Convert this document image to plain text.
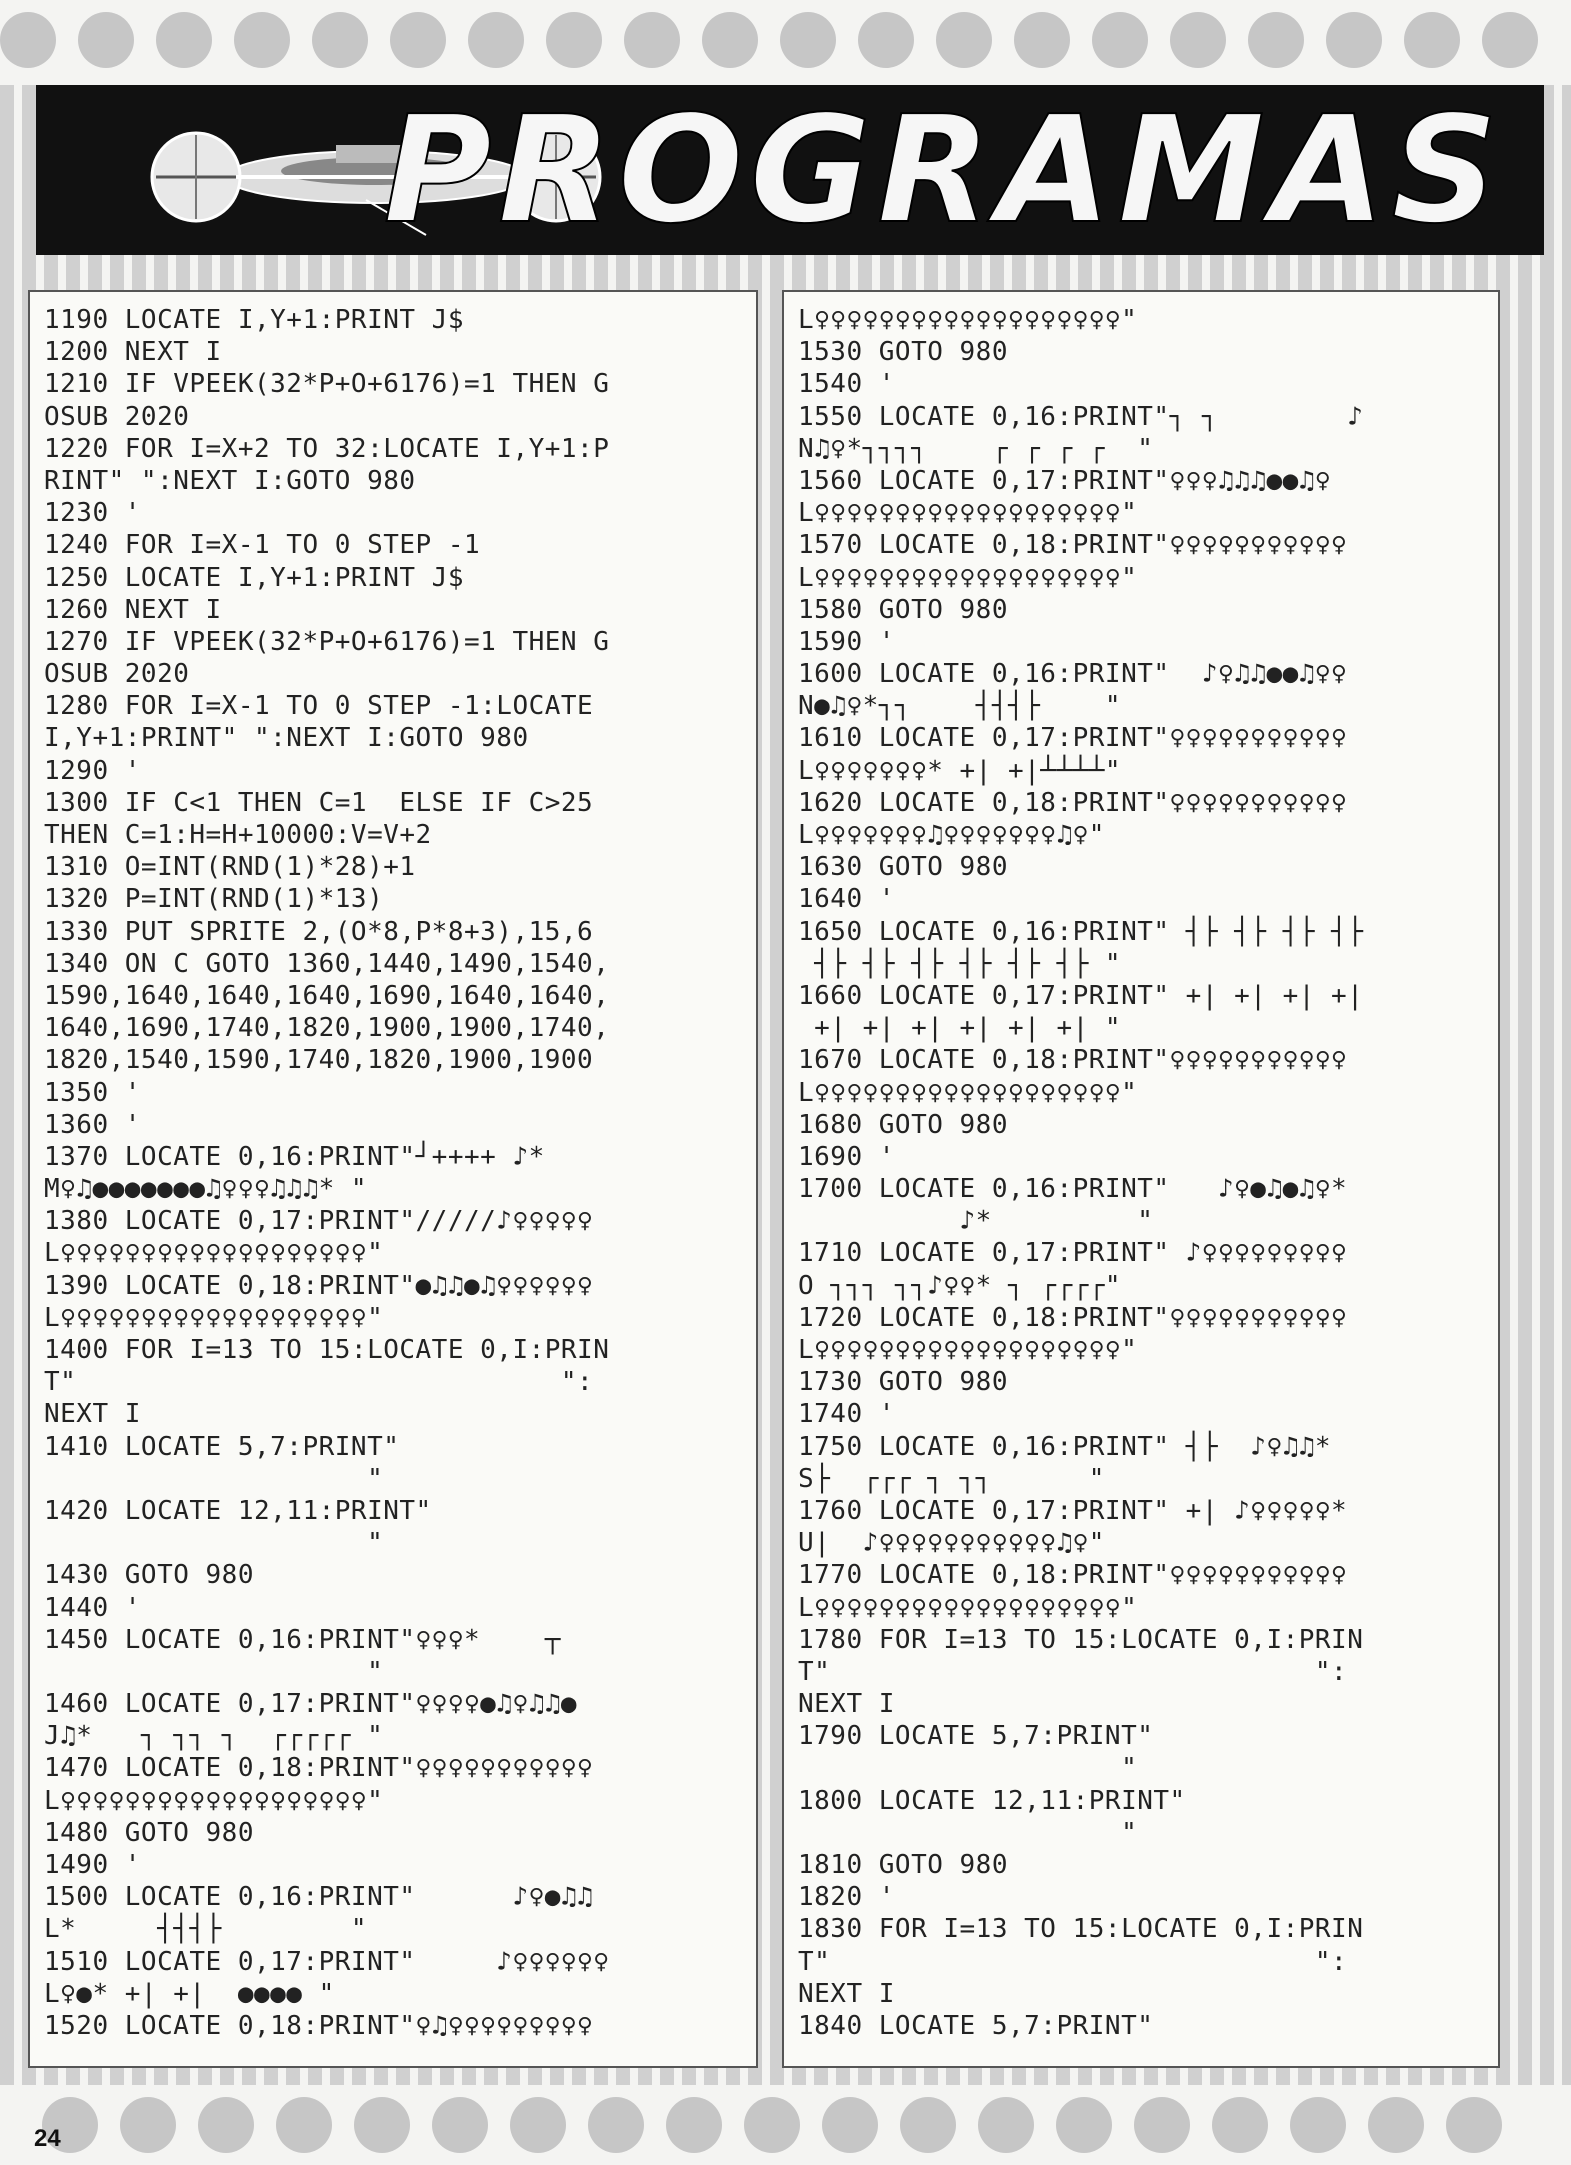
PROGRAMAS
1190 LOCATE I,Y+1:PRINT J$
1200 NEXT I
1210 IF VPEEK(32*P+O+6176)=1 THEN G
OSUB 2020
1220 FOR I=X+2 TO 32:LOCATE I,Y+1:P
RINT" ":NEXT I:GOTO 980
1230 '
1240 FOR I=X-1 TO 0 STEP -1
1250 LOCATE I,Y+1:PRINT J$
1260 NEXT I
1270 IF VPEEK(32*P+O+6176)=1 THEN G
OSUB 2020
1280 FOR I=X-1 TO 0 STEP -1:LOCATE
I,Y+1:PRINT" ":NEXT I:GOTO 980
1290 '
1300 IF C<1 THEN C=1  ELSE IF C>25
THEN C=1:H=H+10000:V=V+2
1310 O=INT(RND(1)*28)+1
1320 P=INT(RND(1)*13)
1330 PUT SPRITE 2,(O*8,P*8+3),15,6
1340 ON C GOTO 1360,1440,1490,1540,
1590,1640,1640,1640,1690,1640,1640,
1640,1690,1740,1820,1900,1900,1740,
1820,1540,1590,1740,1820,1900,1900
1350 '
1360 '
1370 LOCATE 0,16:PRINT"┘++++ ♪*
M♀♫●●●●●●●♫♀♀♀♫♫♫* "
1380 LOCATE 0,17:PRINT"/////♪♀♀♀♀♀
L♀♀♀♀♀♀♀♀♀♀♀♀♀♀♀♀♀♀♀"
1390 LOCATE 0,18:PRINT"●♫♫●♫♀♀♀♀♀♀
L♀♀♀♀♀♀♀♀♀♀♀♀♀♀♀♀♀♀♀"
1400 FOR I=13 TO 15:LOCATE 0,I:PRIN
T"                              ":
NEXT I
1410 LOCATE 5,7:PRINT"
"
1420 LOCATE 12,11:PRINT"
"
1430 GOTO 980
1440 '
1450 LOCATE 0,16:PRINT"♀♀♀*    ┬
"
1460 LOCATE 0,17:PRINT"♀♀♀♀●♫♀♫♫●
J♫*   ┐ ┐┐ ┐  ┌┌┌┌┌ "
1470 LOCATE 0,18:PRINT"♀♀♀♀♀♀♀♀♀♀♀
L♀♀♀♀♀♀♀♀♀♀♀♀♀♀♀♀♀♀♀"
1480 GOTO 980
1490 '
1500 LOCATE 0,16:PRINT"      ♪♀●♫♫
L*     ┤┤┤├        "
1510 LOCATE 0,17:PRINT"     ♪♀♀♀♀♀♀
L♀●* +| +|  ●●●● "
1520 LOCATE 0,18:PRINT"♀♫♀♀♀♀♀♀♀♀♀
L♀♀♀♀♀♀♀♀♀♀♀♀♀♀♀♀♀♀♀"
1530 GOTO 980
1540 '
1550 LOCATE 0,16:PRINT"┐ ┐        ♪
N♫♀*┐┐┐┐    ┌ ┌ ┌ ┌  "
1560 LOCATE 0,17:PRINT"♀♀♀♫♫♫●●♫♀
L♀♀♀♀♀♀♀♀♀♀♀♀♀♀♀♀♀♀♀"
1570 LOCATE 0,18:PRINT"♀♀♀♀♀♀♀♀♀♀♀
L♀♀♀♀♀♀♀♀♀♀♀♀♀♀♀♀♀♀♀"
1580 GOTO 980
1590 '
1600 LOCATE 0,16:PRINT"  ♪♀♫♫●●♫♀♀
N●♫♀*┐┐    ┤┤┤├    "
1610 LOCATE 0,17:PRINT"♀♀♀♀♀♀♀♀♀♀♀
L♀♀♀♀♀♀♀* +| +|┴┴┴┴"
1620 LOCATE 0,18:PRINT"♀♀♀♀♀♀♀♀♀♀♀
L♀♀♀♀♀♀♀♫♀♀♀♀♀♀♀♫♀"
1630 GOTO 980
1640 '
1650 LOCATE 0,16:PRINT" ┤├ ┤├ ┤├ ┤├
┤├ ┤├ ┤├ ┤├ ┤├ ┤├ "
1660 LOCATE 0,17:PRINT" +| +| +| +|
+| +| +| +| +| +| "
1670 LOCATE 0,18:PRINT"♀♀♀♀♀♀♀♀♀♀♀
L♀♀♀♀♀♀♀♀♀♀♀♀♀♀♀♀♀♀♀"
1680 GOTO 980
1690 '
1700 LOCATE 0,16:PRINT"   ♪♀●♫●♫♀*
♪*         "
1710 LOCATE 0,17:PRINT" ♪♀♀♀♀♀♀♀♀♀
O ┐┐┐ ┐┐♪♀♀* ┐ ┌┌┌┌"
1720 LOCATE 0,18:PRINT"♀♀♀♀♀♀♀♀♀♀♀
L♀♀♀♀♀♀♀♀♀♀♀♀♀♀♀♀♀♀♀"
1730 GOTO 980
1740 '
1750 LOCATE 0,16:PRINT" ┤├  ♪♀♫♫*
S├  ┌┌┌ ┐ ┐┐      "
1760 LOCATE 0,17:PRINT" +| ♪♀♀♀♀♀*
U|  ♪♀♀♀♀♀♀♀♀♀♀♀♫♀"
1770 LOCATE 0,18:PRINT"♀♀♀♀♀♀♀♀♀♀♀
L♀♀♀♀♀♀♀♀♀♀♀♀♀♀♀♀♀♀♀"
1780 FOR I=13 TO 15:LOCATE 0,I:PRIN
T"                              ":
NEXT I
1790 LOCATE 5,7:PRINT"
"
1800 LOCATE 12,11:PRINT"
"
1810 GOTO 980
1820 '
1830 FOR I=13 TO 15:LOCATE 0,I:PRIN
T"                              ":
NEXT I
1840 LOCATE 5,7:PRINT"
24
